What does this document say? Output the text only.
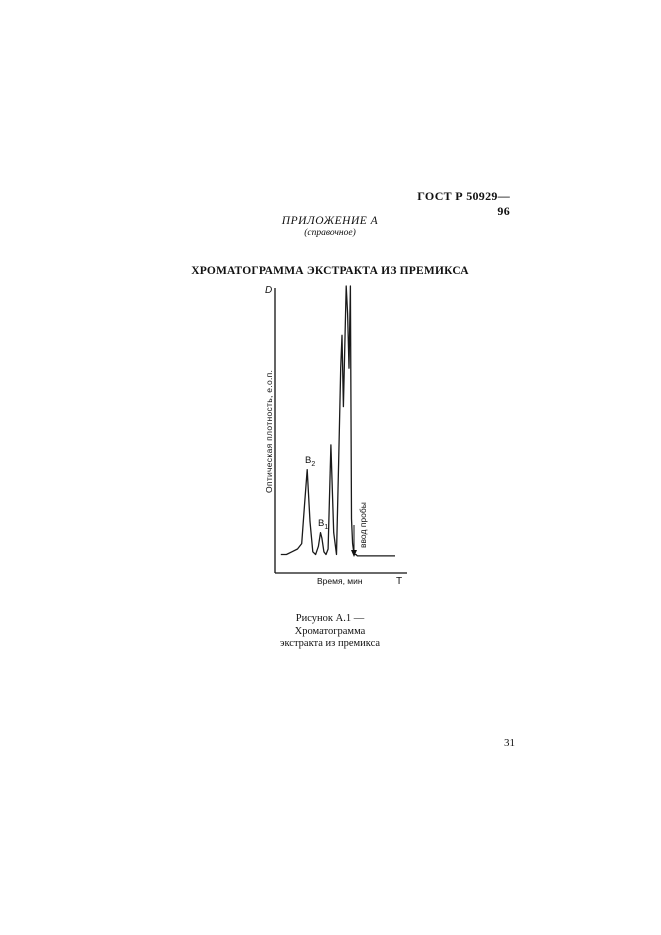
ГОСТ Р 50929—96
ПРИЛОЖЕНИЕ А
(справочное)
ХРОМАТОГРАММА ЭКСТРАКТА ИЗ ПРЕМИКСА
D
T
Оптическая плотность, е.о.п.
Время, мин
$B_2$
$B_1$	ввод пробы
Рисунок А.1 —
Хроматограмма
экстракта из премикса
31
